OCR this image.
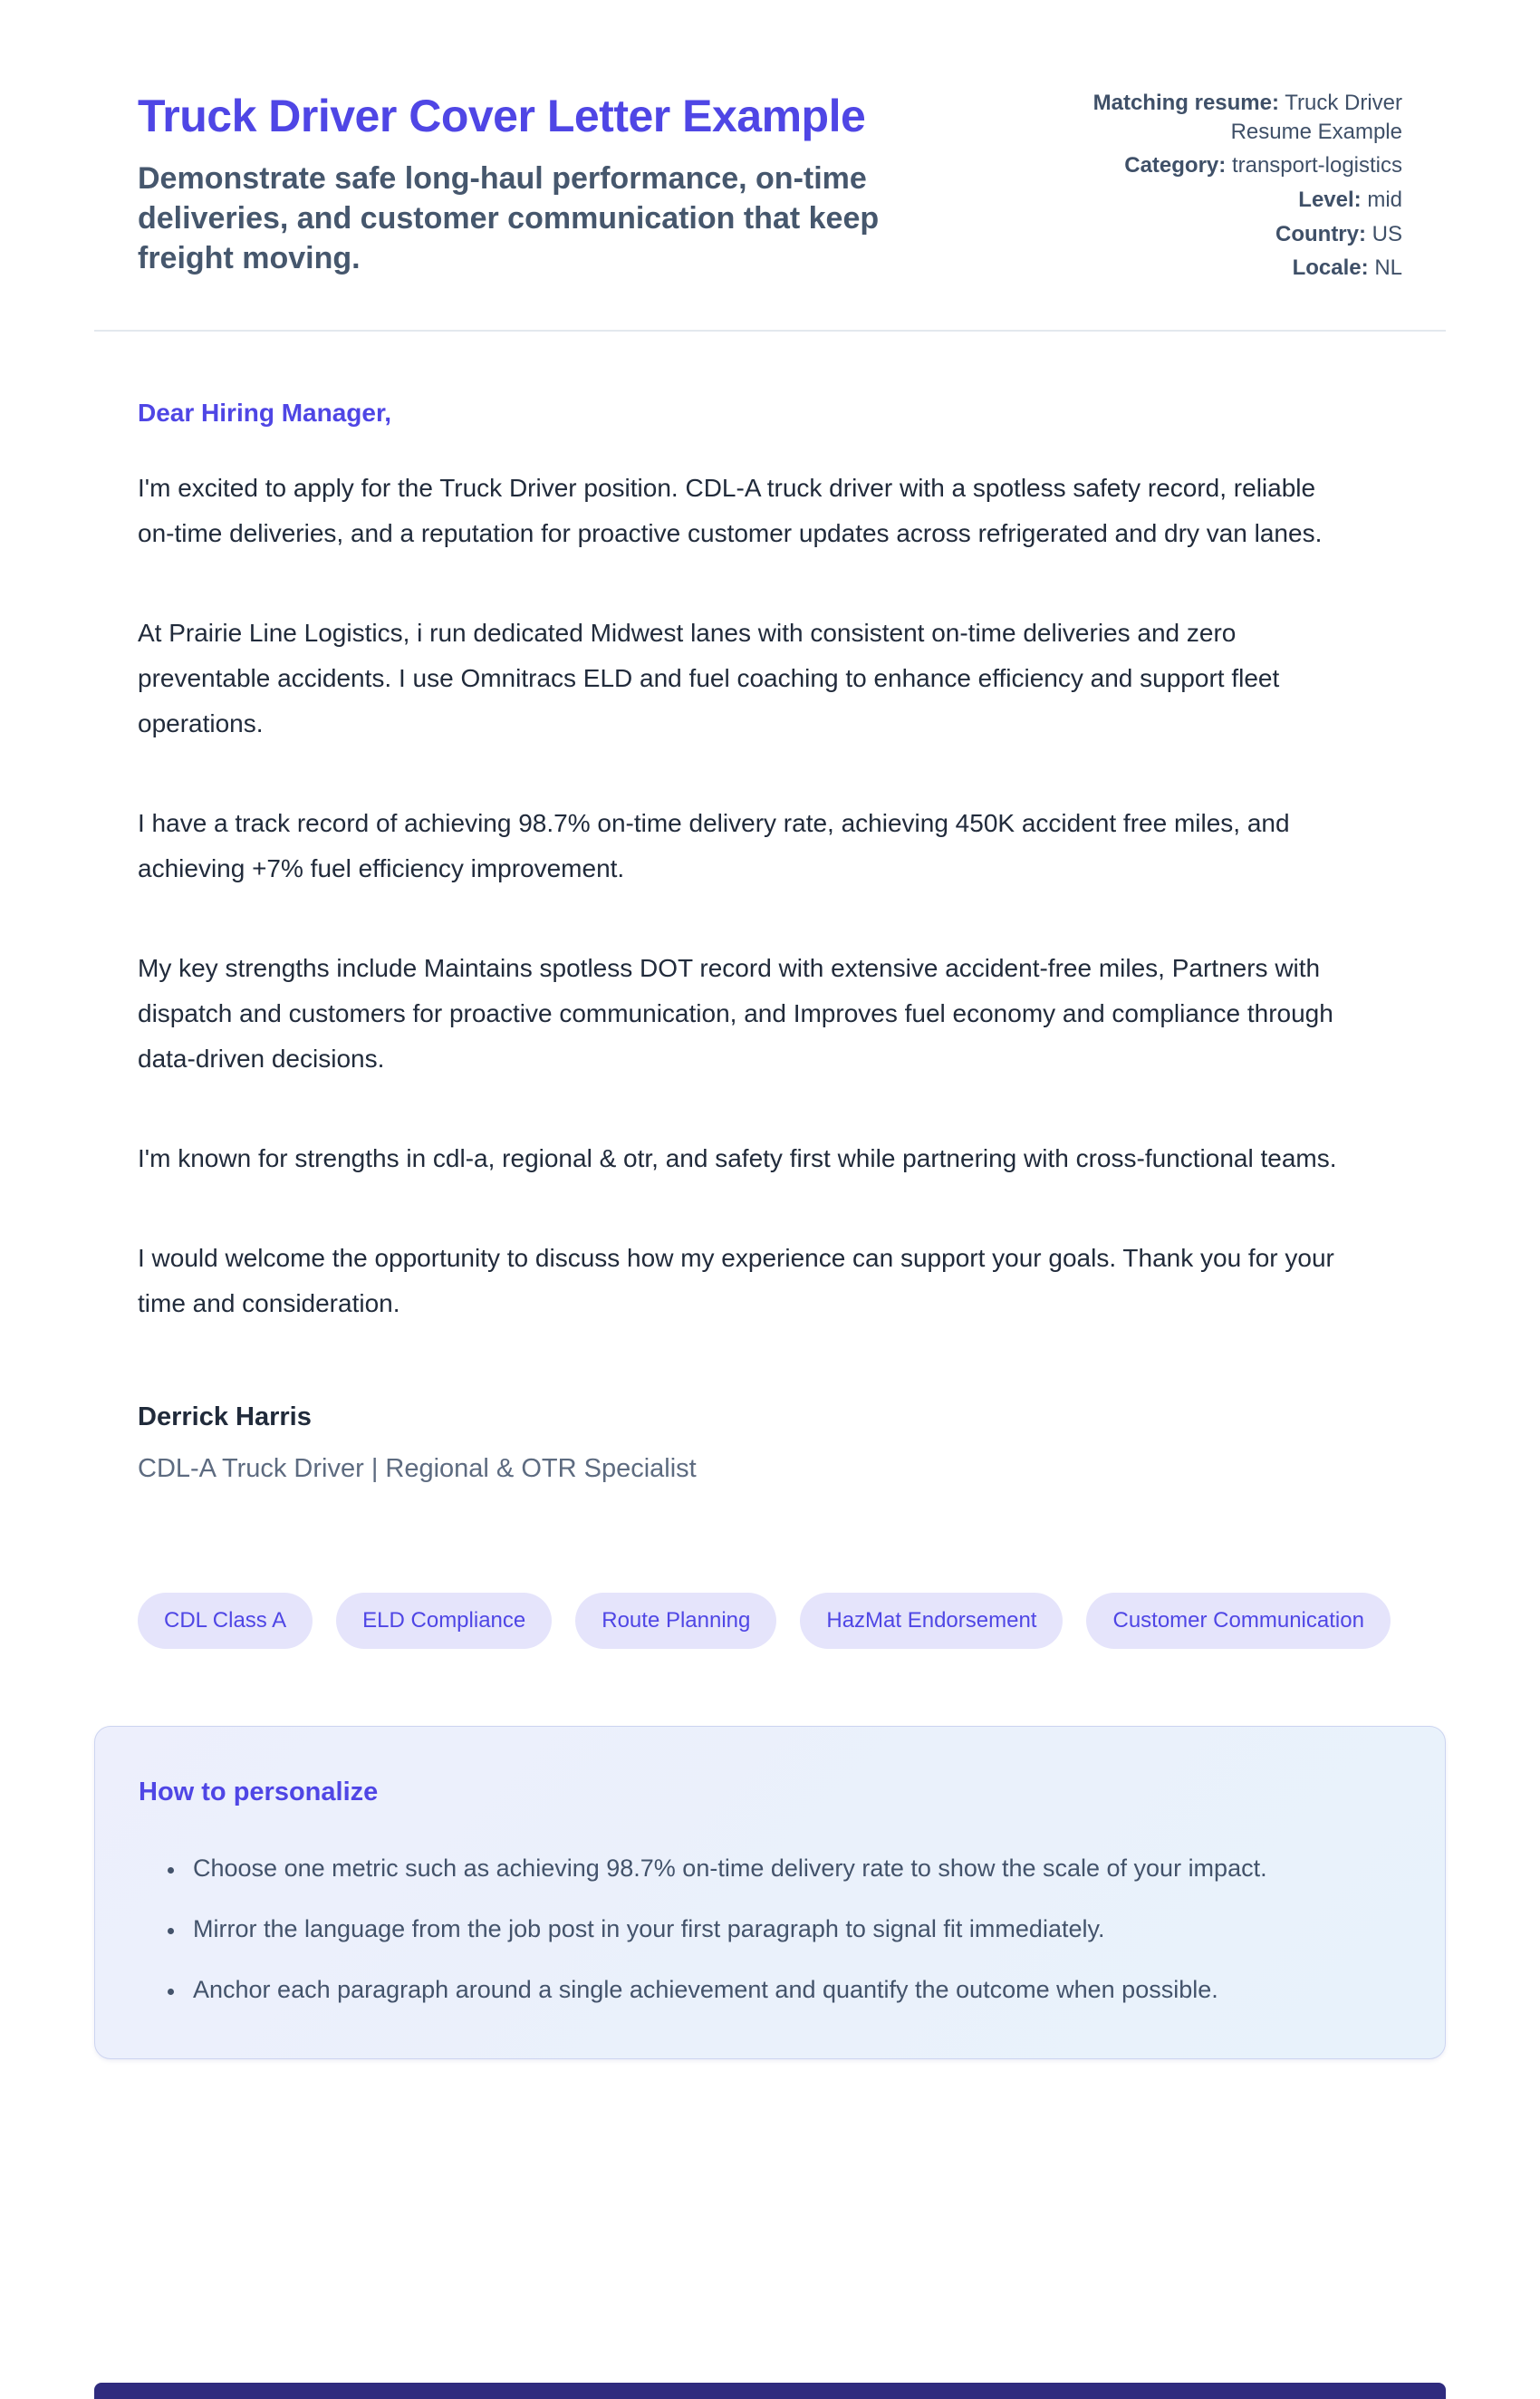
Truck Driver Cover Letter Example
Demonstrate safe long-haul performance, on-time deliveries, and customer communication that keep freight moving.
Matching resume: Truck Driver Resume Example
Category: transport-logistics
Level: mid
Country: US
Locale: NL
Dear Hiring Manager,

I'm excited to apply for the Truck Driver position. CDL-A truck driver with a spotless safety record, reliable on-time deliveries, and a reputation for proactive customer updates across refrigerated and dry van lanes.

At Prairie Line Logistics, i run dedicated Midwest lanes with consistent on-time deliveries and zero preventable accidents. I use Omnitracs ELD and fuel coaching to enhance efficiency and support fleet operations.

I have a track record of achieving 98.7% on-time delivery rate, achieving 450K accident free miles, and achieving +7% fuel efficiency improvement.

My key strengths include Maintains spotless DOT record with extensive accident-free miles, Partners with dispatch and customers for proactive communication, and Improves fuel economy and compliance through data-driven decisions.

I'm known for strengths in cdl-a, regional & otr, and safety first while partnering with cross-functional teams.

I would welcome the opportunity to discuss how my experience can support your goals. Thank you for your time and consideration.

Derrick Harris
CDL-A Truck Driver | Regional & OTR Specialist
CDL Class A	ELD Compliance	Route Planning	HazMat Endorsement	Customer Communication
How to personalize
• Choose one metric such as achieving 98.7% on-time delivery rate to show the scale of your impact.
• Mirror the language from the job post in your first paragraph to signal fit immediately.
• Anchor each paragraph around a single achievement and quantify the outcome when possible.
